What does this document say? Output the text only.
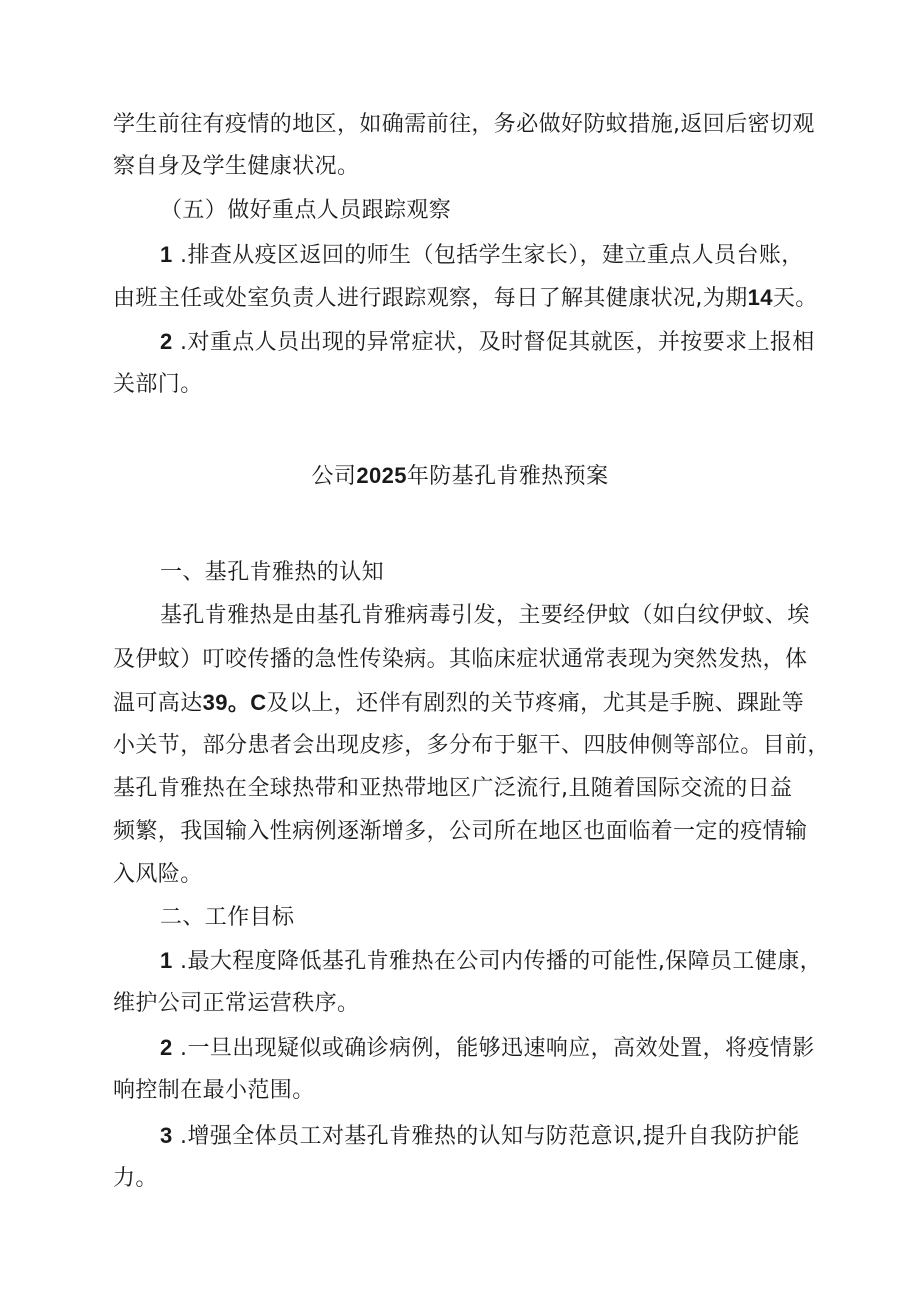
学生前往有疫情的地区，如确需前往，务必做好防蚊措施,返回后密切观
察自身及学生健康状况。
（五）做好重点人员跟踪观察
1 .排查从疫区返回的师生（包括学生家长），建立重点人员台账，
由班主任或处室负责人进行跟踪观察，每日了解其健康状况,为期14天。
2 .对重点人员出现的异常症状，及时督促其就医，并按要求上报相
关部门。
公司2025年防基孔肯雅热预案
一、基孔肯雅热的认知
基孔肯雅热是由基孔肯雅病毒引发，主要经伊蚊（如白纹伊蚊、埃
及伊蚊）叮咬传播的急性传染病。其临床症状通常表现为突然发热，体
温可高达39。C及以上，还伴有剧烈的关节疼痛，尤其是手腕、踝趾等
小关节，部分患者会出现皮疹，多分布于躯干、四肢伸侧等部位。目前，
基孔肯雅热在全球热带和亚热带地区广泛流行,且随着国际交流的日益
频繁，我国输入性病例逐渐增多，公司所在地区也面临着一定的疫情输
入风险。
二、工作目标
1 .最大程度降低基孔肯雅热在公司内传播的可能性,保障员工健康，
维护公司正常运营秩序。
2 .一旦出现疑似或确诊病例，能够迅速响应，高效处置，将疫情影
响控制在最小范围。
3 .增强全体员工对基孔肯雅热的认知与防范意识,提升自我防护能
力。
